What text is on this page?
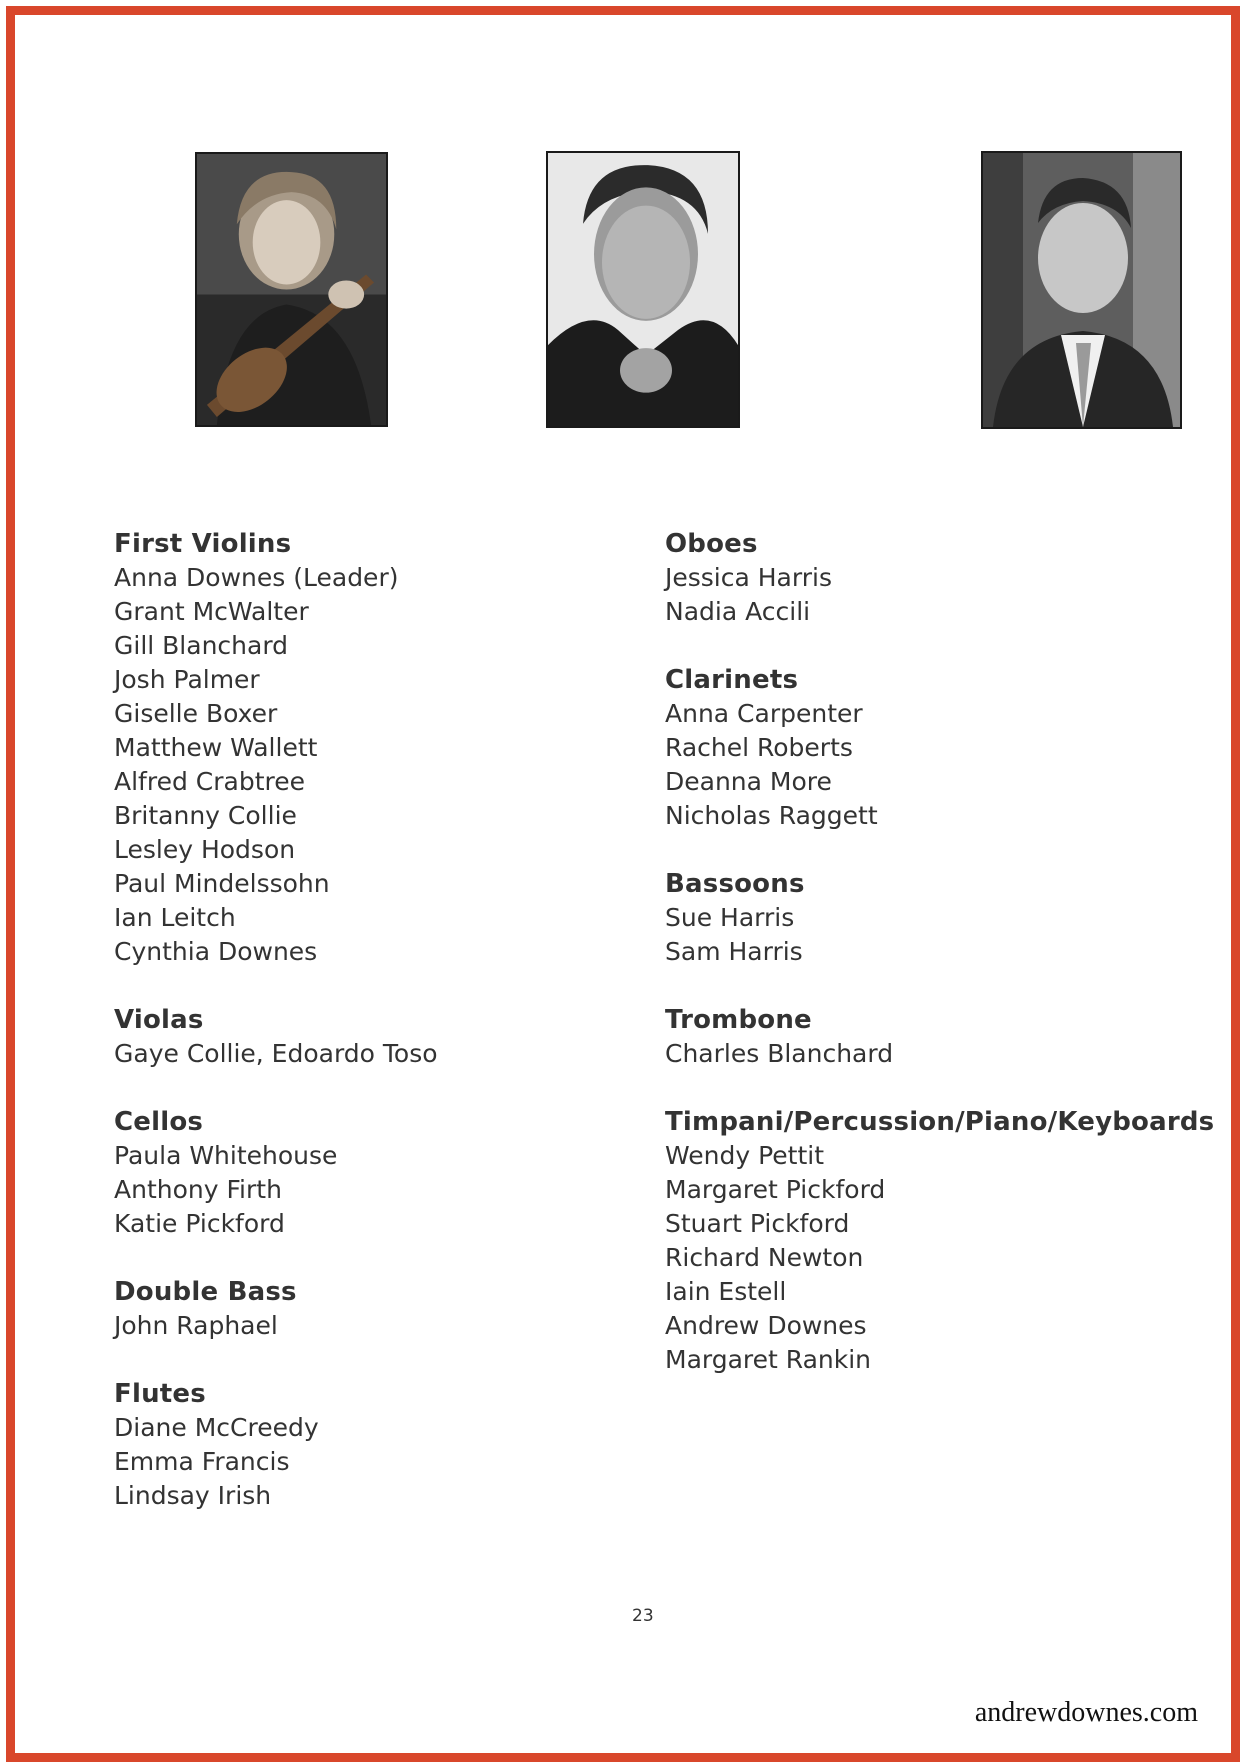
First Violins
Anna Downes (Leader)
Grant McWalter
Gill Blanchard
Josh Palmer
Giselle Boxer
Matthew Wallett
Alfred Crabtree
Britanny Collie
Lesley Hodson
Paul Mindelssohn
Ian Leitch
Cynthia Downes
Violas
Gaye Collie, Edoardo Toso
Cellos
Paula Whitehouse
Anthony Firth
Katie Pickford
Double Bass
John Raphael
Flutes
Diane McCreedy
Emma Francis
Lindsay Irish
Oboes
Jessica Harris
Nadia Accili
Clarinets
Anna Carpenter
Rachel Roberts
Deanna More
Nicholas Raggett
Bassoons
Sue Harris
Sam Harris
Trombone
Charles Blanchard
Timpani/Percussion/Piano/Keyboards
Wendy Pettit
Margaret Pickford
Stuart Pickford
Richard Newton
Iain Estell
Andrew Downes
Margaret Rankin
23
andrewdownes.com
